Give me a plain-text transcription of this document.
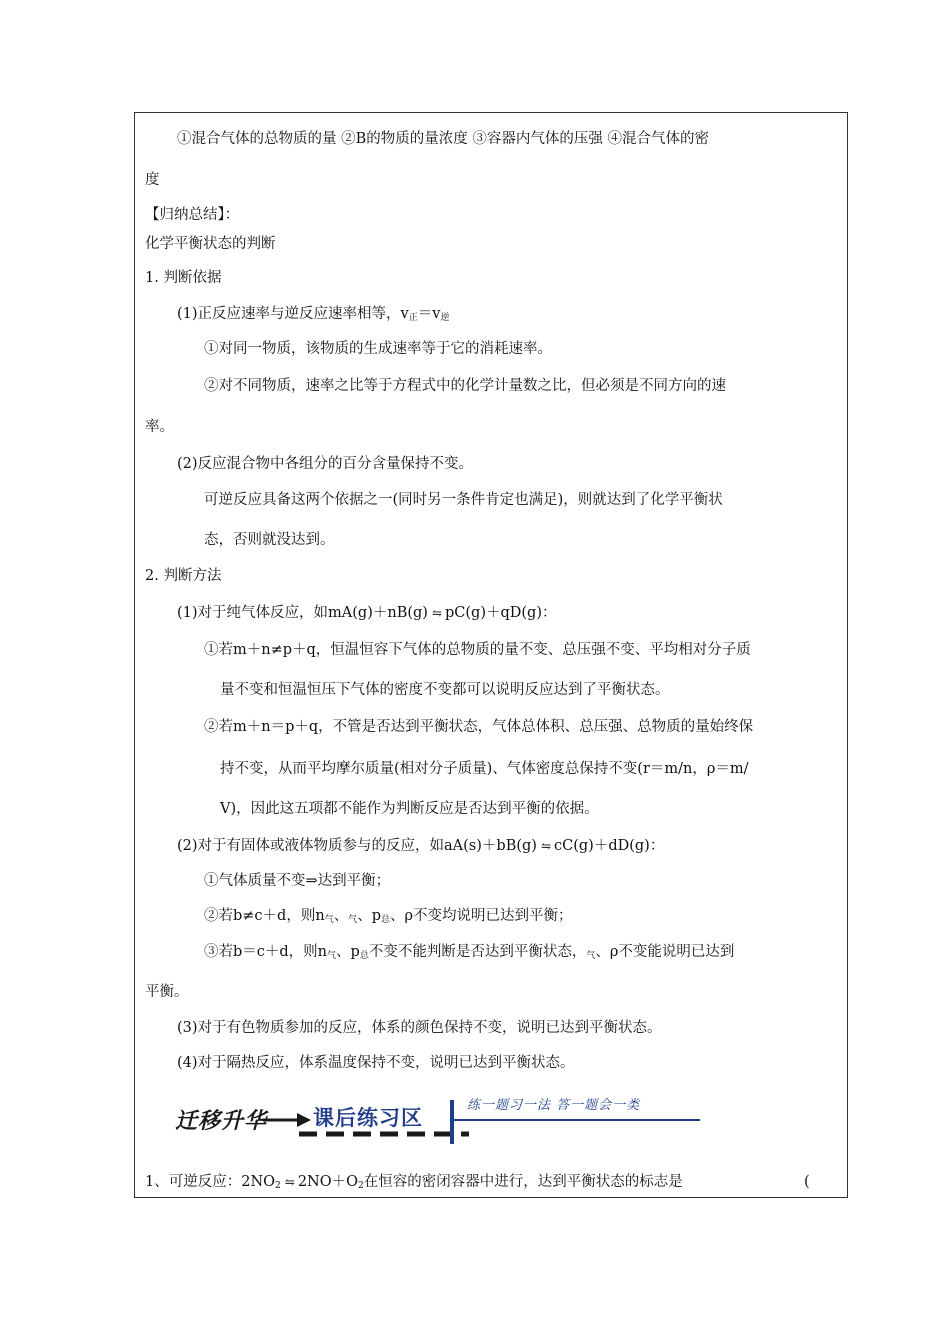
①混合气体的总物质的量 ②B的物质的量浓度 ③容器内气体的压强 ④混合气体的密
度
【归纳总结】：
化学平衡状态的判断
1. 判断依据
(1)正反应速率与逆反应速率相等，$v_正=v_逆$
①对同一物质，该物质的生成速率等于它的消耗速率。
②对不同物质，速率之比等于方程式中的化学计量数之比，但必须是不同方向的速
率。
(2)反应混合物中各组分的百分含量保持不变。
可逆反应具备这两个依据之一(同时另一条件肯定也满足)，则就达到了化学平衡状
态，否则就没达到。
2. 判断方法
(1)对于纯气体反应，如mA(g)＋nB(g) ⇋ pC(g)＋qD(g)：
①若m＋n≠p＋q，恒温恒容下气体的总物质的量不变、总压强不变、平均相对分子质
量不变和恒温恒压下气体的密度不变都可以说明反应达到了平衡状态。
②若m＋n＝p＋q，不管是否达到平衡状态，气体总体积、总压强、总物质的量始终保
持不变，从而平均摩尔质量(相对分子质量)、气体密度总保持不变(r＝m/n，ρ＝m/
V)，因此这五项都不能作为判断反应是否达到平衡的依据。
(2)对于有固体或液体物质参与的反应，如aA(s)＋bB(g) ⇋ cC(g)＋dD(g)：
①气体质量不变⇒达到平衡；
②若b≠c＋d，则$n_气$、$_气$、$p_总$、ρ不变均说明已达到平衡；
③若b＝c＋d，则$n_气$、$p_总$不变不能判断是否达到平衡状态，$_气$、ρ不变能说明已达到
平衡。
(3)对于有色物质参加的反应，体系的颜色保持不变，说明已达到平衡状态。
(4)对于隔热反应，体系温度保持不变，说明已达到平衡状态。
迁移升华 课后练习区
练一题习一法 答一题会一类
1、可逆反应：$2NO_2$ ⇋ $2NO+O_2$在恒容的密闭容器中进行，达到平衡状态的标志是	(
